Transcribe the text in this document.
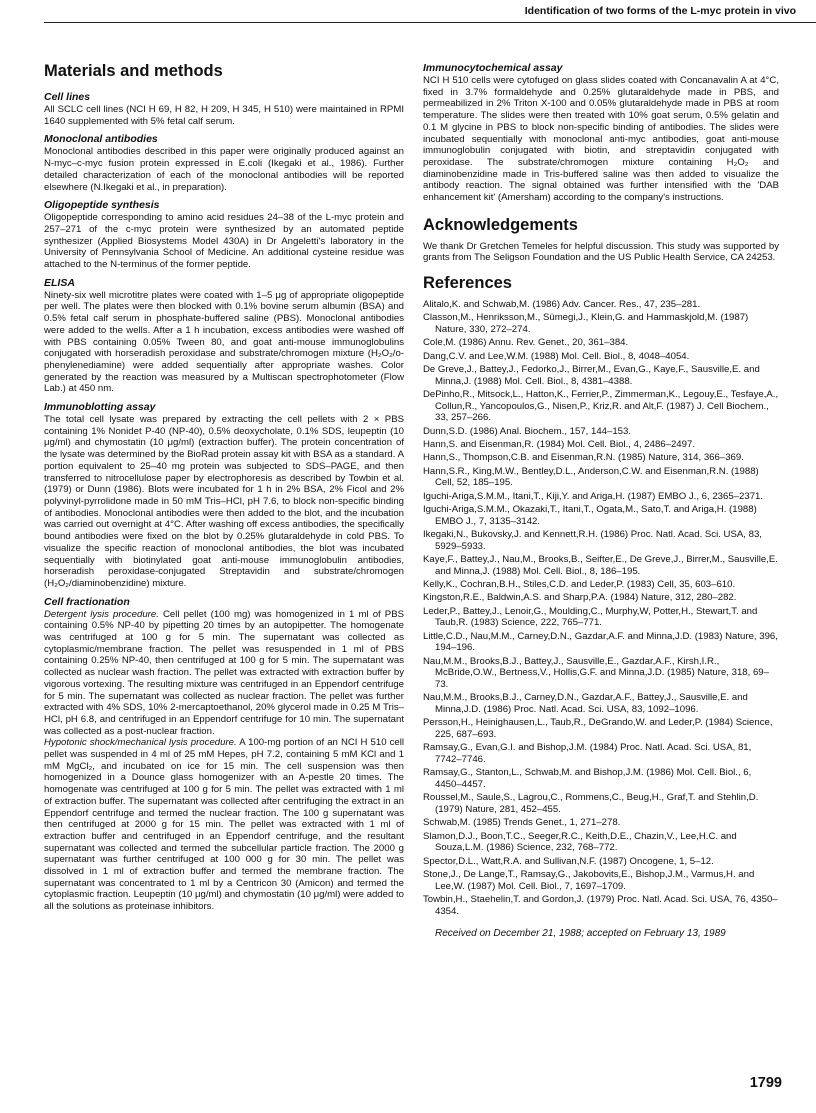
Identification of two forms of the L-myc protein in vivo
Materials and methods
Cell lines

All SCLC cell lines (NCI H 69, H 82, H 209, H 345, H 510) were maintained in RPMI 1640 supplemented with 5% fetal calf serum.

Monoclonal antibodies

Monoclonal antibodies described in this paper were originally produced against an N-myc–c-myc fusion protein expressed in E.coli (Ikegaki et al., 1986). Further detailed characterization of each of the monoclonal antibodies will be reported elsewhere (N.Ikegaki et al., in preparation).

Oligopeptide synthesis

Oligopeptide corresponding to amino acid residues 24–38 of the L-myc protein and 257–271 of the c-myc protein were synthesized by an automated peptide synthesizer (Applied Biosystems Model 430A) in Dr Angeletti's laboratory in the University of Pennsylvania School of Medicine. An additional cysteine residue was attached to the N-terminus of the former peptide.

ELISA

Ninety-six well microtitre plates were coated with 1–5 μg of appropriate oligopeptide per well. The plates were then blocked with 0.1% bovine serum albumin (BSA) and 0.5% fetal calf serum in phosphate-buffered saline (PBS). Monoclonal antibodies were added to the wells. After a 1 h incubation, excess antibodies were washed off with PBS containing 0.05% Tween 80, and goat anti-mouse immunoglobulins conjugated with horseradish peroxidase and substrate/chromogen mixture (H₂O₂/o-phenylenediamine) were added sequentially after appropriate washes. Color generated by the reaction was measured by a Multiscan spectrophotometer (Flow Lab.) at 450 nm.

Immunoblotting assay

The total cell lysate was prepared by extracting the cell pellets with 2 × PBS containing 1% Nonidet P-40 (NP-40), 0.5% deoxycholate, 0.1% SDS, leupeptin (10 μg/ml) and chymostatin (10 μg/ml) (extraction buffer). The protein concentration of the lysate was determined by the BioRad protein assay kit with BSA as a standard. A portion equivalent to 25–40 mg protein was subjected to SDS–PAGE, and then transferred to nitrocellulose paper by electrophoresis as described by Towbin et al. (1979) or Dunn (1986). Blots were incubated for 1 h in 2% BSA, 2% Ficol and 2% polyvinyl-pyrrolidone made in 50 mM Tris–HCl, pH 7.6, to block non-specific binding of antibodies. Monoclonal antibodies were then added to the blot, and the incubation was carried out overnight at 4°C. After washing off excess antibodies, the specifically bound antibodies were fixed on the blot by 0.25% glutaraldehyde in cold PBS. To visualize the specific reaction of monoclonal antibodies, the blot was incubated sequentially with biotinylated goat anti-mouse immunoglobulin antibodies, horseradish peroxidase-conjugated Streptavidin and substrate/chromogen (H₂O₂/diaminobenzidine) mixture.

Cell fractionation

Detergent lysis procedure. Cell pellet (100 mg) was homogenized in 1 ml of PBS containing 0.5% NP-40 by pipetting 20 times by an autopipetter. The homogenate was centrifuged at 100 g for 5 min. The supernatant was collected as cytoplasmic/membrane fraction. The pellet was resuspended in 1 ml of PBS containing 0.25% NP-40, then centrifuged at 100 g for 5 min. The supernatant was collected as nuclear wash fraction. The pellet was extracted with extraction buffer by vigorous vortexing. The resulting mixture was centrifuged in an Eppendorf centrifuge for 5 min. The supernatant was collected as nuclear fraction. The pellet was further extracted with 4% SDS, 10% 2-mercaptoethanol, 20% glycerol made in 0.25 M Tris–HCl, pH 6.8, and centrifuged in an Eppendorf centrifuge for 10 min. The supernatant was collected as a post-nuclear fraction.

Hypotonic shock/mechanical lysis procedure. A 100-mg portion of an NCI H 510 cell pellet was suspended in 4 ml of 25 mM Hepes, pH 7.2, containing 5 mM KCl and 1 mM MgCl₂, and incubated on ice for 15 min. The cell suspension was then homogenized in a Dounce glass homogenizer with an A-pestle 20 times. The homogenate was centrifuged at 100 g for 5 min. The pellet was extracted with 1 ml of extraction buffer. The supernatant was collected after centrifuging the extract in an Eppendorf centrifuge and termed the nuclear fraction. The 100 g supernatant was then centrifuged at 2000 g for 15 min. The pellet was extracted with 1 ml of extraction buffer and centrifuged in an Eppendorf centrifuge, and the resultant supernatant was collected and termed the subcellular particle fraction. The 2000 g supernatant was further centrifuged at 100 000 g for 30 min. The pellet was dissolved in 1 ml of extraction buffer and termed the membrane fraction. The supernatant was concentrated to 1 ml by a Centricon 30 (Amicon) and termed the cytoplasmic fraction. Leupeptin (10 μg/ml) and chymostatin (10 μg/ml) were added to all the solutions as proteinase inhibitors.

Immunocytochemical assay

NCI H 510 cells were cytofuged on glass slides coated with Concanavalin A at 4°C, fixed in 3.7% formaldehyde and 0.25% glutaraldehyde made in PBS, and permeabilized in 2% Triton X-100 and 0.05% glutaraldehyde made in PBS at room temperature. The slides were then treated with 10% goat serum, 0.5% gelatin and 0.1 M glycine in PBS to block non-specific binding of antibodies. The slides were incubated sequentially with monoclonal anti-myc antibodies, goat anti-mouse immunoglobulin conjugated with biotin, and streptavidin conjugated with peroxidase. The substrate/chromogen mixture containing H₂O₂ and diaminobenzidine made in Tris-buffered saline was then added to visualize the antibody reaction. The signal obtained was further intensified with the 'DAB enhancement kit' (Amersham) according to the company's instructions.

Acknowledgements

We thank Dr Gretchen Temeles for helpful discussion. This study was supported by grants from The Seligson Foundation and the US Public Health Service, CA 24253.

References
Alitalo,K. and Schwab,M. (1986) Adv. Cancer. Res., 47, 235–281.
Classon,M., Henriksson,M., Sümegi,J., Klein,G. and Hammaskjold,M. (1987) Nature, 330, 272–274.
Cole,M. (1986) Annu. Rev. Genet., 20, 361–384.
Dang,C.V. and Lee,W.M. (1988) Mol. Cell. Biol., 8, 4048–4054.
De Greve,J., Battey,J., Fedorko,J., Birrer,M., Evan,G., Kaye,F., Sausville,E. and Minna,J. (1988) Mol. Cell. Biol., 8, 4381–4388.
DePinho,R., Mitsock,L., Hatton,K., Ferrier,P., Zimmerman,K., Legouy,E., Tesfaye,A., Collun,R., Yancopoulos,G., Nisen,P., Kriz,R. and Alt,F. (1987) J. Cell Biochem., 33, 257–266.
Dunn,S.D. (1986) Anal. Biochem., 157, 144–153.
Hann,S. and Eisenman,R. (1984) Mol. Cell. Biol., 4, 2486–2497.
Hann,S., Thompson,C.B. and Eisenman,R.N. (1985) Nature, 314, 366–369.
Hann,S.R., King,M.W., Bentley,D.L., Anderson,C.W. and Eisenman,R.N. (1988) Cell, 52, 185–195.
Iguchi-Ariga,S.M.M., Itani,T., Kiji,Y. and Ariga,H. (1987) EMBO J., 6, 2365–2371.
Iguchi-Ariga,S.M.M., Okazaki,T., Itani,T., Ogata,M., Sato,T. and Ariga,H. (1988) EMBO J., 7, 3135–3142.
Ikegaki,N., Bukovsky,J. and Kennett,R.H. (1986) Proc. Natl. Acad. Sci. USA, 83, 5929–5933.
Kaye,F., Battey,J., Nau,M., Brooks,B., Seifter,E., De Greve,J., Birrer,M., Sausville,E. and Minna,J. (1988) Mol. Cell. Biol., 8, 186–195.
Kelly,K., Cochran,B.H., Stiles,C.D. and Leder,P. (1983) Cell, 35, 603–610.
Kingston,R.E., Baldwin,A.S. and Sharp,P.A. (1984) Nature, 312, 280–282.
Leder,P., Battey,J., Lenoir,G., Moulding,C., Murphy,W, Potter,H., Stewart,T. and Taub,R. (1983) Science, 222, 765–771.
Little,C.D., Nau,M.M., Carney,D.N., Gazdar,A.F. and Minna,J.D. (1983) Nature, 396, 194–196.
Nau,M.M., Brooks,B.J., Battey,J., Sausville,E., Gazdar,A.F., Kirsh,I.R., McBride,O.W., Bertness,V., Hollis,G.F. and Minna,J.D. (1985) Nature, 318, 69–73.
Nau,M.M., Brooks,B.J., Carney,D.N., Gazdar,A.F., Battey,J., Sausville,E. and Minna,J.D. (1986) Proc. Natl. Acad. Sci. USA, 83, 1092–1096.
Persson,H., Heinighausen,L., Taub,R., DeGrando,W. and Leder,P. (1984) Science, 225, 687–693.
Ramsay,G., Evan,G.I. and Bishop,J.M. (1984) Proc. Natl. Acad. Sci. USA, 81, 7742–7746.
Ramsay,G., Stanton,L., Schwab,M. and Bishop,J.M. (1986) Mol. Cell. Biol., 6, 4450–4457.
Roussel,M., Saule,S., Lagrou,C., Rommens,C., Beug,H., Graf,T. and Stehlin,D. (1979) Nature, 281, 452–455.
Schwab,M. (1985) Trends Genet., 1, 271–278.
Slamon,D.J., Boon,T.C., Seeger,R.C., Keith,D.E., Chazin,V., Lee,H.C. and Souza,L.M. (1986) Science, 232, 768–772.
Spector,D.L., Watt,R.A. and Sullivan,N.F. (1987) Oncogene, 1, 5–12.
Stone,J., De Lange,T., Ramsay,G., Jakobovits,E., Bishop,J.M., Varmus,H. and Lee,W. (1987) Mol. Cell. Biol., 7, 1697–1709.
Towbin,H., Staehelin,T. and Gordon,J. (1979) Proc. Natl. Acad. Sci. USA, 76, 4350–4354.
Received on December 21, 1988; accepted on February 13, 1989
1799
